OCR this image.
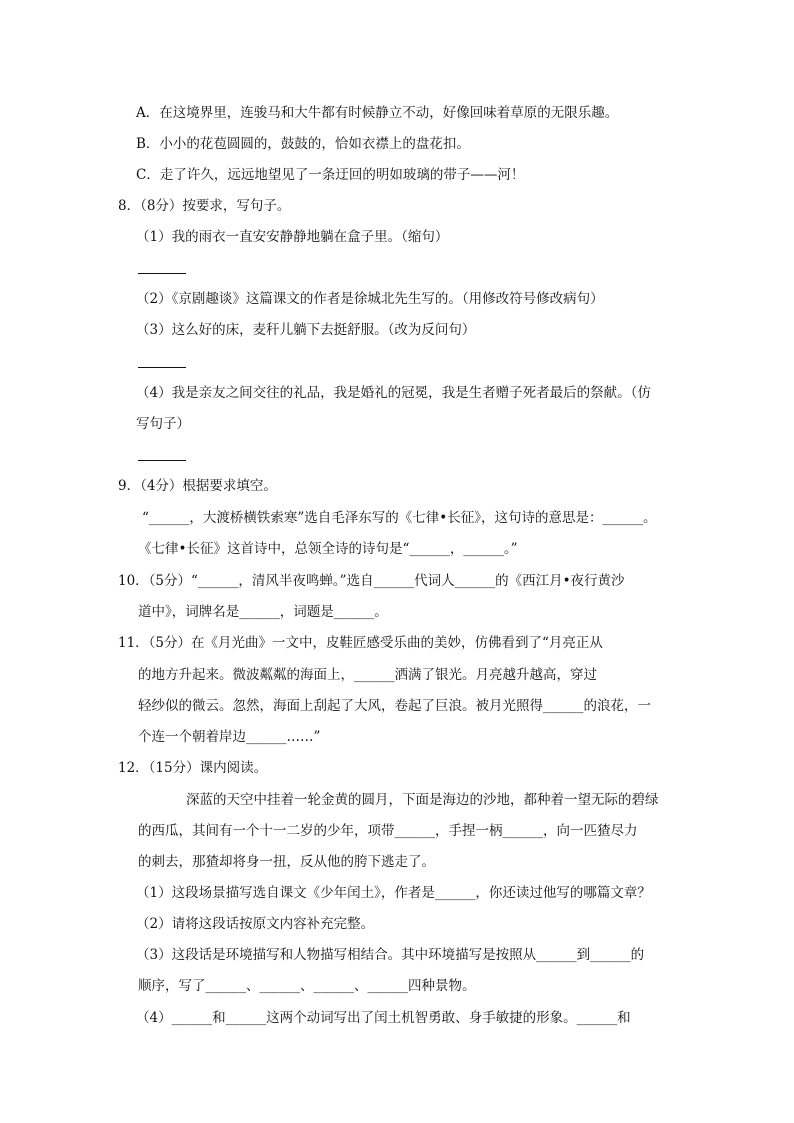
A．在这境界里，连骏马和大牛都有时候静立不动，好像回味着草原的无限乐趣。
B．小小的花苞圆圆的，鼓鼓的，恰如衣襟上的盘花扣。
C．走了许久，远远地望见了一条迂回的明如玻璃的带子——河！
8．（8分）按要求，写句子。
（1）我的雨衣一直安安静静地躺在盒子里。（缩句）
（2）《京剧趣谈》这篇课文的作者是徐城北先生写的。（用修改符号修改病句）
（3）这么好的床，麦秆儿躺下去挺舒服。（改为反问句）
（4）我是亲友之间交往的礼品，我是婚礼的冠冕，我是生者赠子死者最后的祭献。（仿
写句子）
9．（4分）根据要求填空。
“______，大渡桥横铁索寒”选自毛泽东写的《七律•长征》，这句诗的意思是：______。
《七律•长征》这首诗中，总领全诗的诗句是“______，______。”
10．（5分）“______，清风半夜鸣蝉。”选自______代词人______的《西江月•夜行黄沙
道中》，词牌名是______，词题是______。
11．（5分）在《月光曲》一文中，皮鞋匠感受乐曲的美妙，仿佛看到了“月亮正从
的地方升起来。微波粼粼的海面上，______洒满了银光。月亮越升越高，穿过
轻纱似的微云。忽然，海面上刮起了大风，卷起了巨浪。被月光照得______的浪花，一
个连一个朝着岸边______……”
12．（15分）课内阅读。
深蓝的天空中挂着一轮金黄的圆月，下面是海边的沙地，都种着一望无际的碧绿
的西瓜，其间有一个十一二岁的少年，项带______，手捏一柄______，向一匹猹尽力
的刺去，那猹却将身一扭，反从他的胯下逃走了。
（1）这段场景描写选自课文《少年闰土》，作者是______，你还读过他写的哪篇文章？
（2）请将这段话按原文内容补充完整。
（3）这段话是环境描写和人物描写相结合。其中环境描写是按照从______到______的
顺序，写了______、______、______、______四种景物。
（4）______和______这两个动词写出了闰土机智勇敢、身手敏捷的形象。______和
